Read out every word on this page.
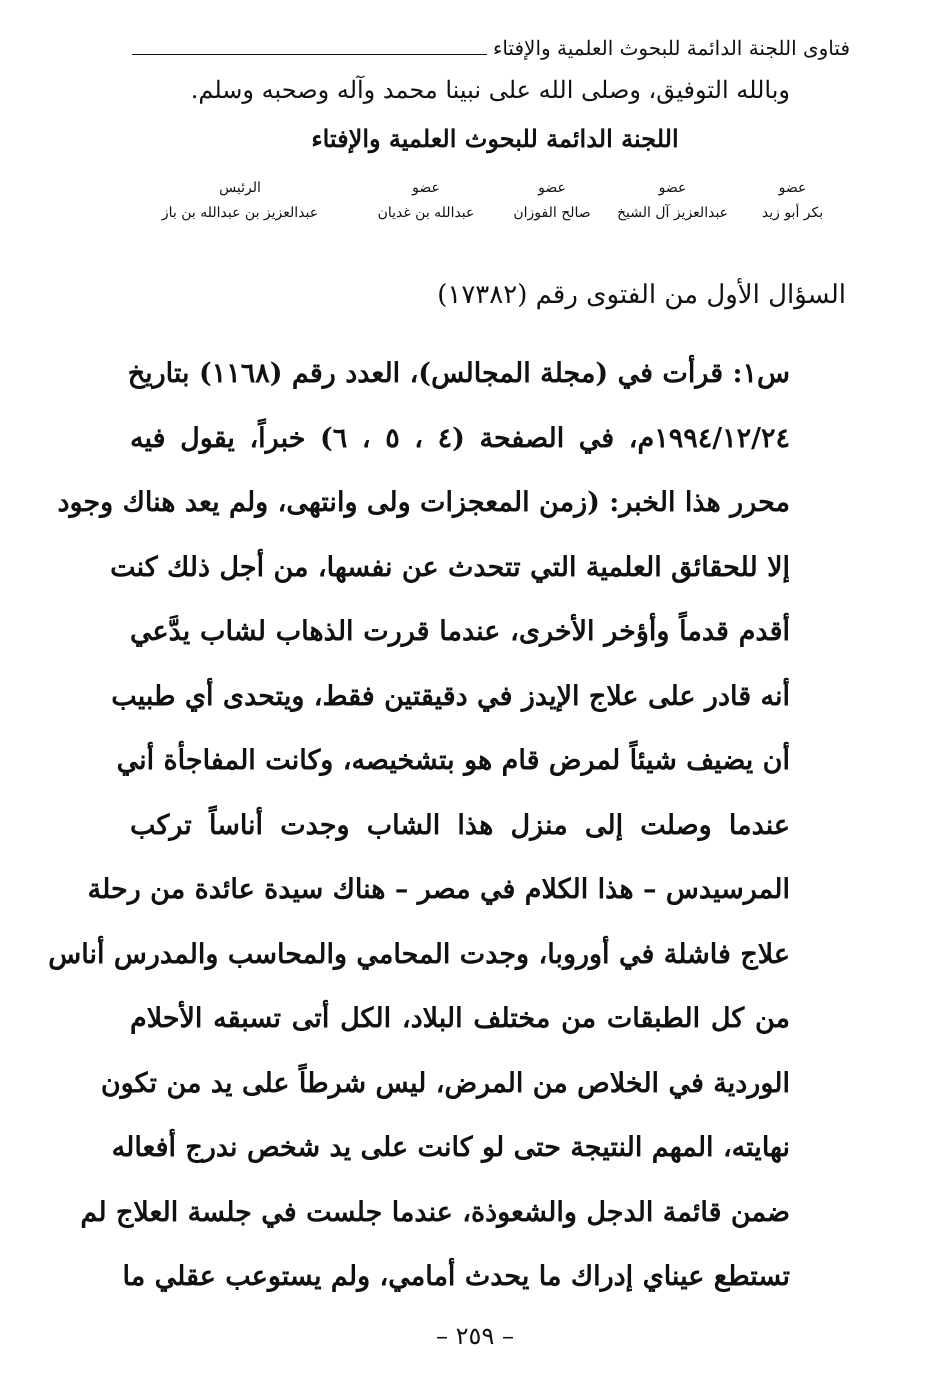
فتاوى اللجنة الدائمة للبحوث العلمية والإفتاء
وبالله التوفيق، وصلى الله على نبينا محمد وآله وصحبه وسلم.
اللجنة الدائمة للبحوث العلمية والإفتاء
عضو
بكر أبو زيد
عضو
عبدالعزيز آل الشيخ
عضو
صالح الفوزان
عضو
عبدالله بن غديان
الرئيس
عبدالعزيز بن عبدالله بن باز
السؤال الأول من الفتوى رقم (١٧٣٨٢)
س١: قرأت في (مجلة المجالس)، العدد رقم (١١٦٨) بتاريخ
١٩٩٤/١٢/٢٤م، في الصفحة (٤ ، ٥ ، ٦) خبراً، يقول فيه
محرر هذا الخبر: (زمن المعجزات ولى وانتهى، ولم يعد هناك وجود
إلا للحقائق العلمية التي تتحدث عن نفسها، من أجل ذلك كنت
أقدم قدماً وأؤخر الأخرى، عندما قررت الذهاب لشاب يدَّعي
أنه قادر على علاج الإيدز في دقيقتين فقط، ويتحدى أي طبيب
أن يضيف شيئاً لمرض قام هو بتشخيصه، وكانت المفاجأة أني
عندما وصلت إلى منزل هذا الشاب وجدت أناساً تركب
المرسيدس – هذا الكلام في مصر – هناك سيدة عائدة من رحلة
علاج فاشلة في أوروبا، وجدت المحامي والمحاسب والمدرس أناس
من كل الطبقات من مختلف البلاد، الكل أتى تسبقه الأحلام
الوردية في الخلاص من المرض، ليس شرطاً على يد من تكون
نهايته، المهم النتيجة حتى لو كانت على يد شخص ندرج أفعاله
ضمن قائمة الدجل والشعوذة، عندما جلست في جلسة العلاج لم
تستطع عيناي إدراك ما يحدث أمامي، ولم يستوعب عقلي ما
– ٢٥٩ –
